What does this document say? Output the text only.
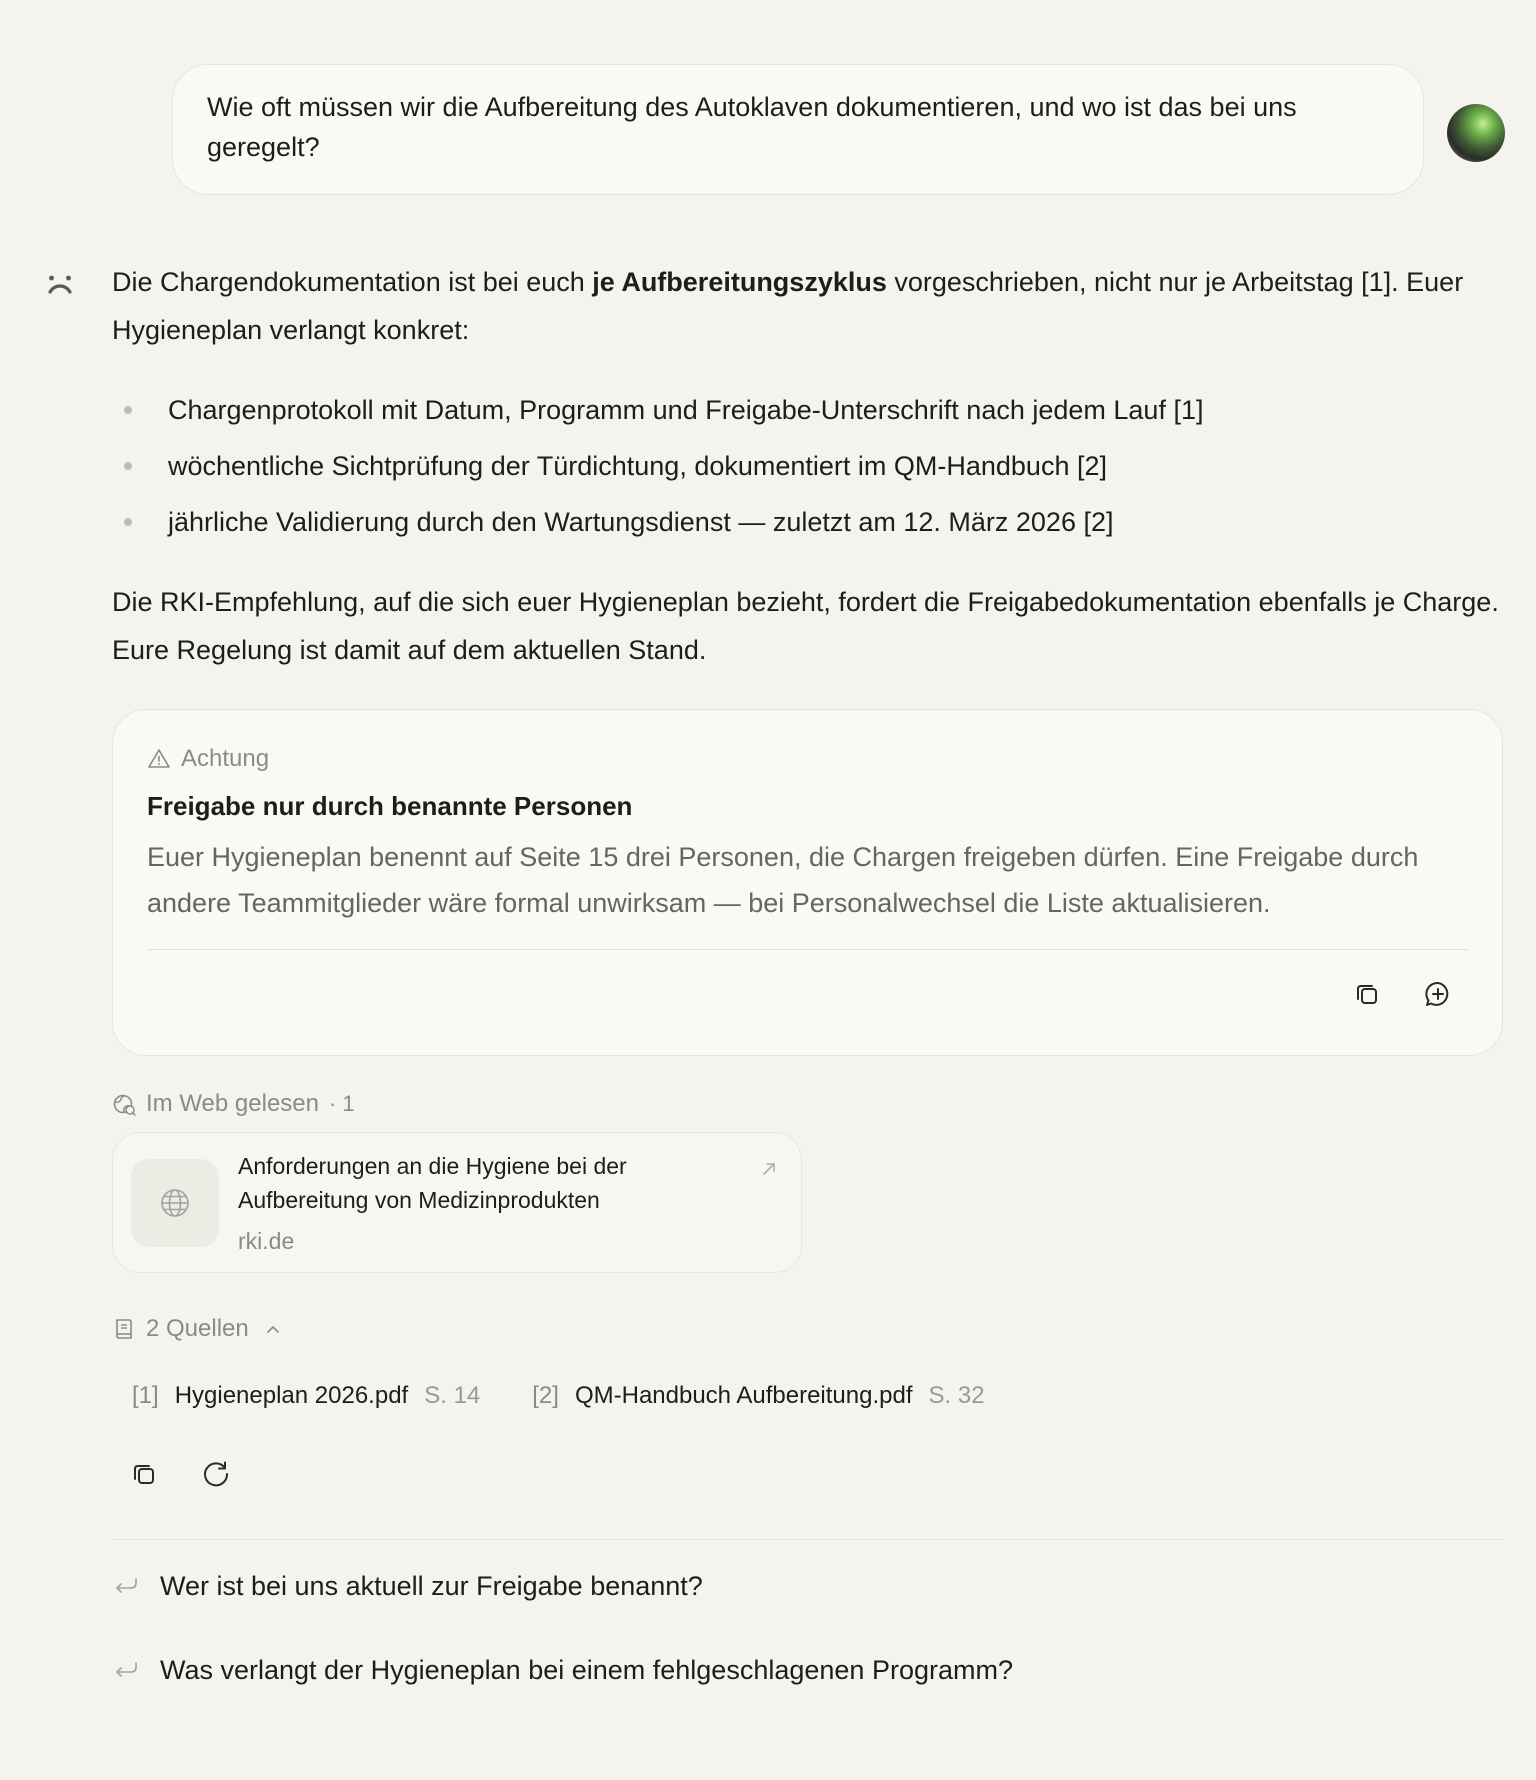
Wie oft müssen wir die Aufbereitung des Autoklaven dokumentieren, und wo ist das bei uns geregelt?
Die Chargendokumentation ist bei euch je Aufbereitungszyklus vorgeschrieben, nicht nur je Arbeitstag [1]. Euer Hygieneplan verlangt konkret:
Chargenprotokoll mit Datum, Programm und Freigabe-Unterschrift nach jedem Lauf [1]
wöchentliche Sichtprüfung der Türdichtung, dokumentiert im QM-Handbuch [2]
jährliche Validierung durch den Wartungsdienst — zuletzt am 12. März 2026 [2]
Die RKI-Empfehlung, auf die sich euer Hygieneplan bezieht, fordert die Freigabedokumentation ebenfalls je Charge. Eure Regelung ist damit auf dem aktuellen Stand.
Achtung
Freigabe nur durch benannte Personen
Euer Hygieneplan benennt auf Seite 15 drei Personen, die Chargen freigeben dürfen. Eine Freigabe durch andere Teammitglieder wäre formal unwirksam — bei Personalwechsel die Liste aktualisieren.
Im Web gelesen · 1
Anforderungen an die Hygiene bei der Aufbereitung von Medizinprodukten
rki.de
2 Quellen
[1] Hygieneplan 2026.pdf S. 14 [2] QM-Handbuch Aufbereitung.pdf S. 32
Wer ist bei uns aktuell zur Freigabe benannt?
Was verlangt der Hygieneplan bei einem fehlgeschlagenen Programm?
